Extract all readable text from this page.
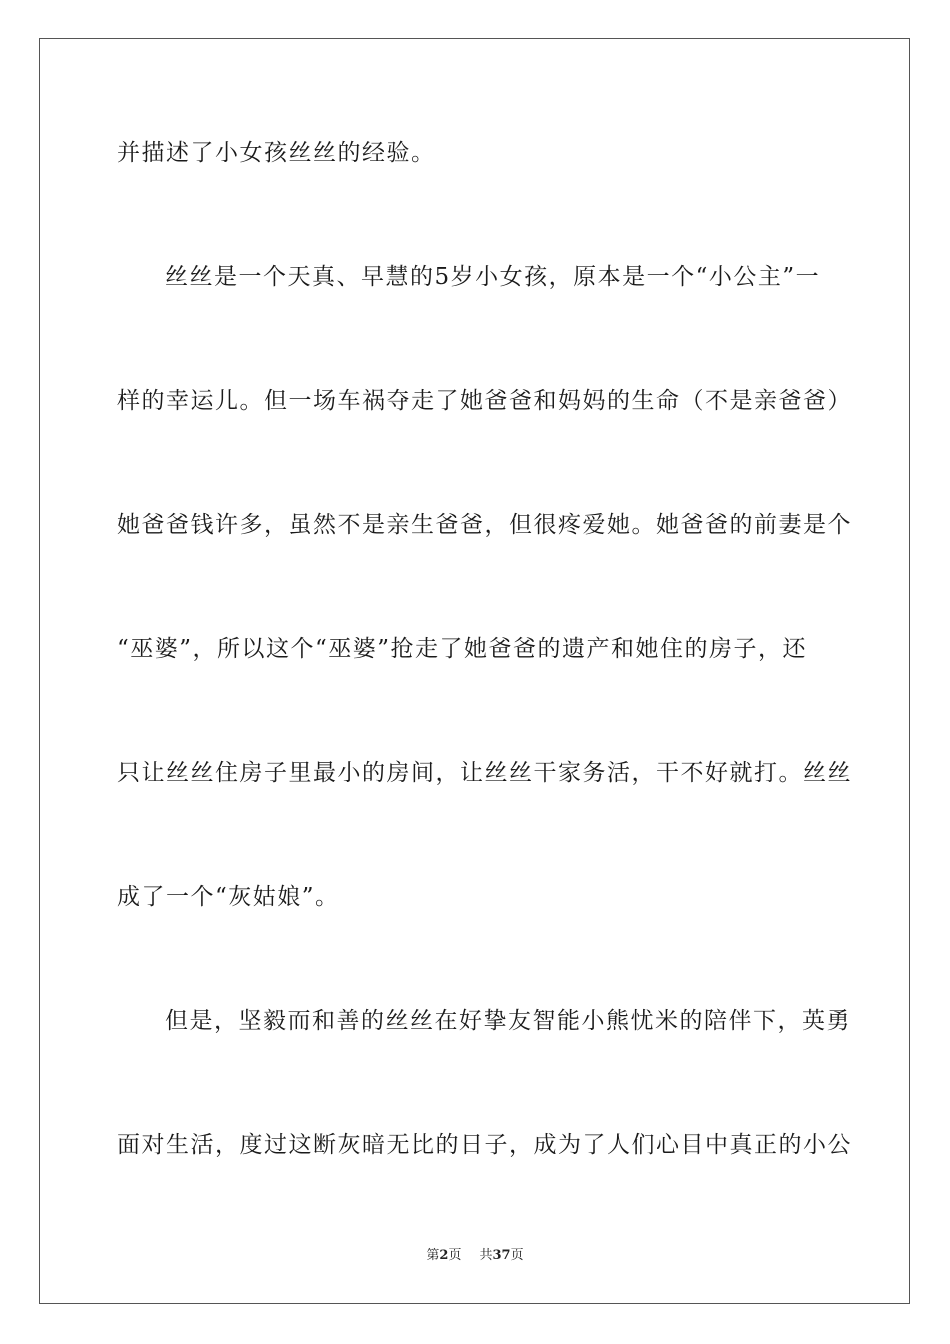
并描述了小女孩丝丝的经验。
丝丝是一个天真、早慧的5岁小女孩，原本是一个“小公主”一
样的幸运儿。但一场车祸夺走了她爸爸和妈妈的生命（不是亲爸爸）
她爸爸钱许多，虽然不是亲生爸爸，但很疼爱她。她爸爸的前妻是个
“巫婆”，所以这个“巫婆”抢走了她爸爸的遗产和她住的房子，还
只让丝丝住房子里最小的房间，让丝丝干家务活，干不好就打。丝丝
成了一个“灰姑娘”。
但是，坚毅而和善的丝丝在好挚友智能小熊忧米的陪伴下，英勇
面对生活，度过这断灰暗无比的日子，成为了人们心目中真正的小公
第2页 共37页
